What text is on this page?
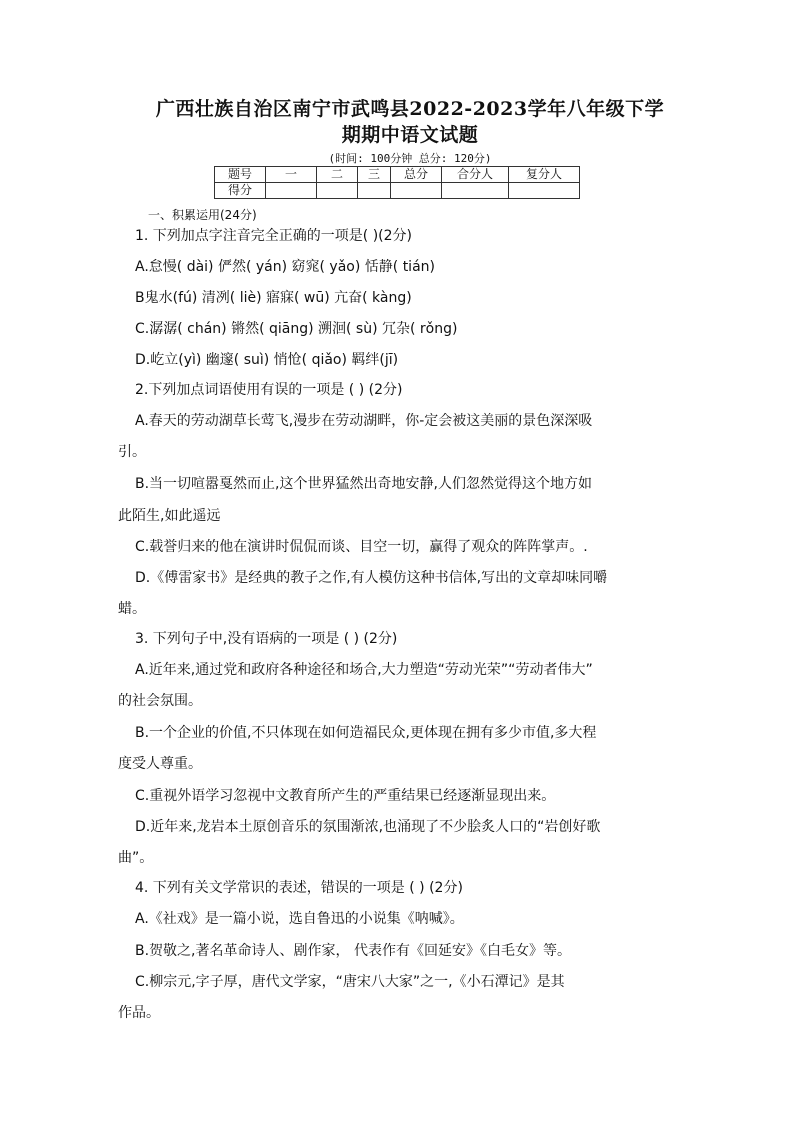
广西壮族自治区南宁市武鸣县2022-2023学年八年级下学
期期中语文试题
(时间: 100分钟 总分: 120分)
题号	一	二	三	总分	合分人	复分人
得分						
一、积累运用(24分)
1. 下列加点字注音完全正确的一项是( )(2分)
A.怠慢( dài) 俨然( yán) 窈窕( yǎo) 恬静( tián)
B鬼水(fú) 清冽( liè) 寤寐( wū) 亢奋( kàng)
C.潺潺( chán) 锵然( qiāng) 溯洄( sù) 冗杂( rǒng)
D.屹立(yì) 幽邃( suì) 悄怆( qiǎo) 羁绊(jī)
2.下列加点词语使用有误的一项是 ( ) (2分)
A.春天的劳动湖草长莺飞,漫步在劳动湖畔，你-定会被这美丽的景色深深吸
引。
B.当一切喧嚣戛然而止,这个世界猛然出奇地安静,人们忽然觉得这个地方如
此陌生,如此遥远
C.载誉归来的他在演讲时侃侃而谈、目空一切，赢得了观众的阵阵掌声。.
D.《傅雷家书》是经典的教子之作,有人模仿这种书信体,写出的文章却味同嚼
蜡。
3. 下列句子中,没有语病的一项是 ( ) (2分)
A.近年来,通过党和政府各种途径和场合,大力塑造“劳动光荣”“劳动者伟大”
的社会氛围。
B.一个企业的价值,不只体现在如何造福民众,更体现在拥有多少市值,多大程
度受人尊重。
C.重视外语学习忽视中文教育所产生的严重结果已经逐渐显现出来。
D.近年来,龙岩本土原创音乐的氛围渐浓,也涌现了不少脍炙人口的“岩创好歌
曲”。
4. 下列有关文学常识的表述，错误的一项是 ( ) (2分)
A.《社戏》是一篇小说，选自鲁迅的小说集《呐喊》。
B.贺敬之,著名革命诗人、剧作家， 代表作有《回延安》《白毛女》等。
C.柳宗元,字子厚，唐代文学家，“唐宋八大家”之一,《小石潭记》是其
作品。
